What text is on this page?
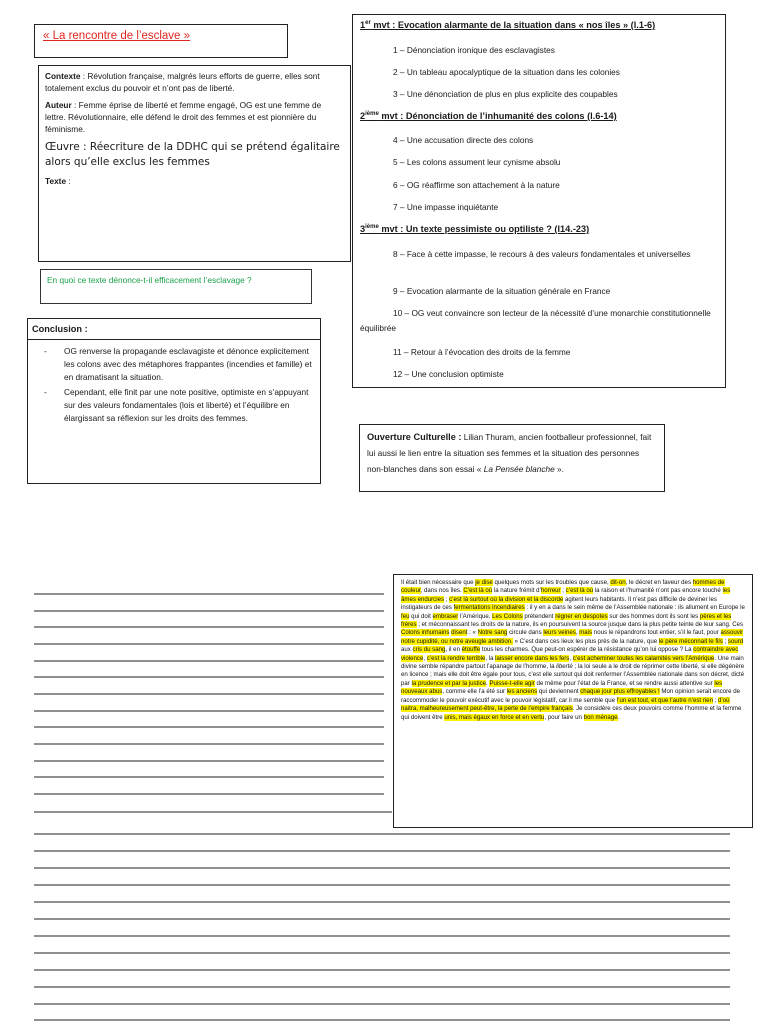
« La rencontre de l’esclave »

Contexte : Révolution française, malgrés leurs efforts de guerre, elles sont totalement exclus du pouvoir et n’ont pas de liberté.

Auteur : Femme éprise de liberté et femme engagé, OG est une femme de lettre. Révolutionnaire, elle défend le droit des femmes et est pionnière du féminisme.

Œuvre : Réecriture de la DDHC qui se prétend égalitaire alors qu’elle exclus les femmes

Texte :

En quoi ce texte dénonce-t-il efficacement l’esclavage ?
Conclusion :
- OG renverse la propagande esclavagiste et dénonce explicitement les colons avec des métaphores frappantes (incendies et famille) et en dramatisant la situation.
- Cependant, elle finit par une note positive, optimiste en s’appuyant sur des valeurs fondamentales (lois et liberté) et l’équilibre en élargissant sa réflexion sur les droits des femmes.
1er mvt : Evocation alarmante de la situation dans « nos îles » (l.1-6)
1 – Dénonciation ironique des esclavagistes
2 – Un tableau apocalyptique de la situation dans les colonies
3 – Une dénonciation de plus en plus explicite des coupables
2ième mvt : Dénonciation de l’inhumanité des colons (l.6-14)
4 – Une accusation directe des colons
5 – Les colons assument leur cynisme absolu
6 – OG réaffirme son attachement à la nature
7 – Une impasse inquiétante
3ième mvt : Un texte pessimiste ou optiliste ? (l14.-23)
8 – Face à cette impasse, le recours à des valeurs fondamentales et universelles
9 – Evocation alarmante de la situation générale en France
10 – OG veut convaincre son lecteur de la nécessité d’une monarchie constitutionnelle équilibrée
11 – Retour à l’évocation des droits de la femme
12 – Une conclusion optimiste
Ouverture Culturelle : Lilian Thuram, ancien footballeur professionnel, fait lui aussi le lien entre la situation ses femmes et la situation des personnes non-blanches dans son essai « La Pensée blanche ».

Il était bien nécessaire que je dise quelques mots sur les troubles que cause, dit-on, le décret en faveur des hommes de couleur, dans nos îles. C’est là où la nature frémit d’horreur ; c’est là où la raison et l’humanité n’ont pas encore touché les âmes endurcies ; c’est là surtout où la division et la discorde agitent leurs habitants. Il n’est pas difficile de deviner les instigateurs de ces fermentations incendiaires : il y en a dans le sein même de l’Assemblée nationale : ils allument en Europe le feu qui doit embraser l’Amérique. Les Colons prétendent régner en despotes sur des hommes dont ils sont les pères et les frères ; et méconnaissant les droits de la nature, ils en poursuivent la source jusque dans la plus petite teinte de leur sang. Ces Colons inhumains disent : « Notre sang circule dans leurs veines, mais nous le répandrons tout entier, s’il le faut, pour assouvir notre cupidité, ou notre aveugle ambition. » C’est dans ces lieux les plus près de la nature, que le père méconnait le fils ; sourd aux cris du sang, il en étouffe tous les charmes. Que peut-on espérer de la résistance qu’on lui oppose ? La contraindre avec violence, c’est la rendre terrible, la laisser encore dans les fers, c’est acheminer toutes les calamités vers l’Amérique. Une main divine semble répandre partout l’apanage de l’homme, la liberté ; la loi seule a le droit de réprimer cette liberté, si elle dégénère en licence ; mais elle doit être égale pour tous, c’est elle surtout qui doit renfermer l’Assemblée nationale dans son décret, dicté par la prudence et par la justice. Puisse-t-elle agir de même pour l’état de la France, et se rendre aussi attentive sur les nouveaux abus, comme elle l’a été sur les anciens qui deviennent chaque jour plus effroyables ! Mon opinion serait encore de raccommoder le pouvoir exécutif avec le pouvoir législatif, car il me semble que l’un est tout, et que l’autre n’est rien ; d’où naitra, malheureusement peut-être, la perte de l’empire français. Je considère ces deux pouvoirs comme l’homme et la femme qui doivent être unis, mais égaux en force et en vertu, pour faire un bon ménage.
